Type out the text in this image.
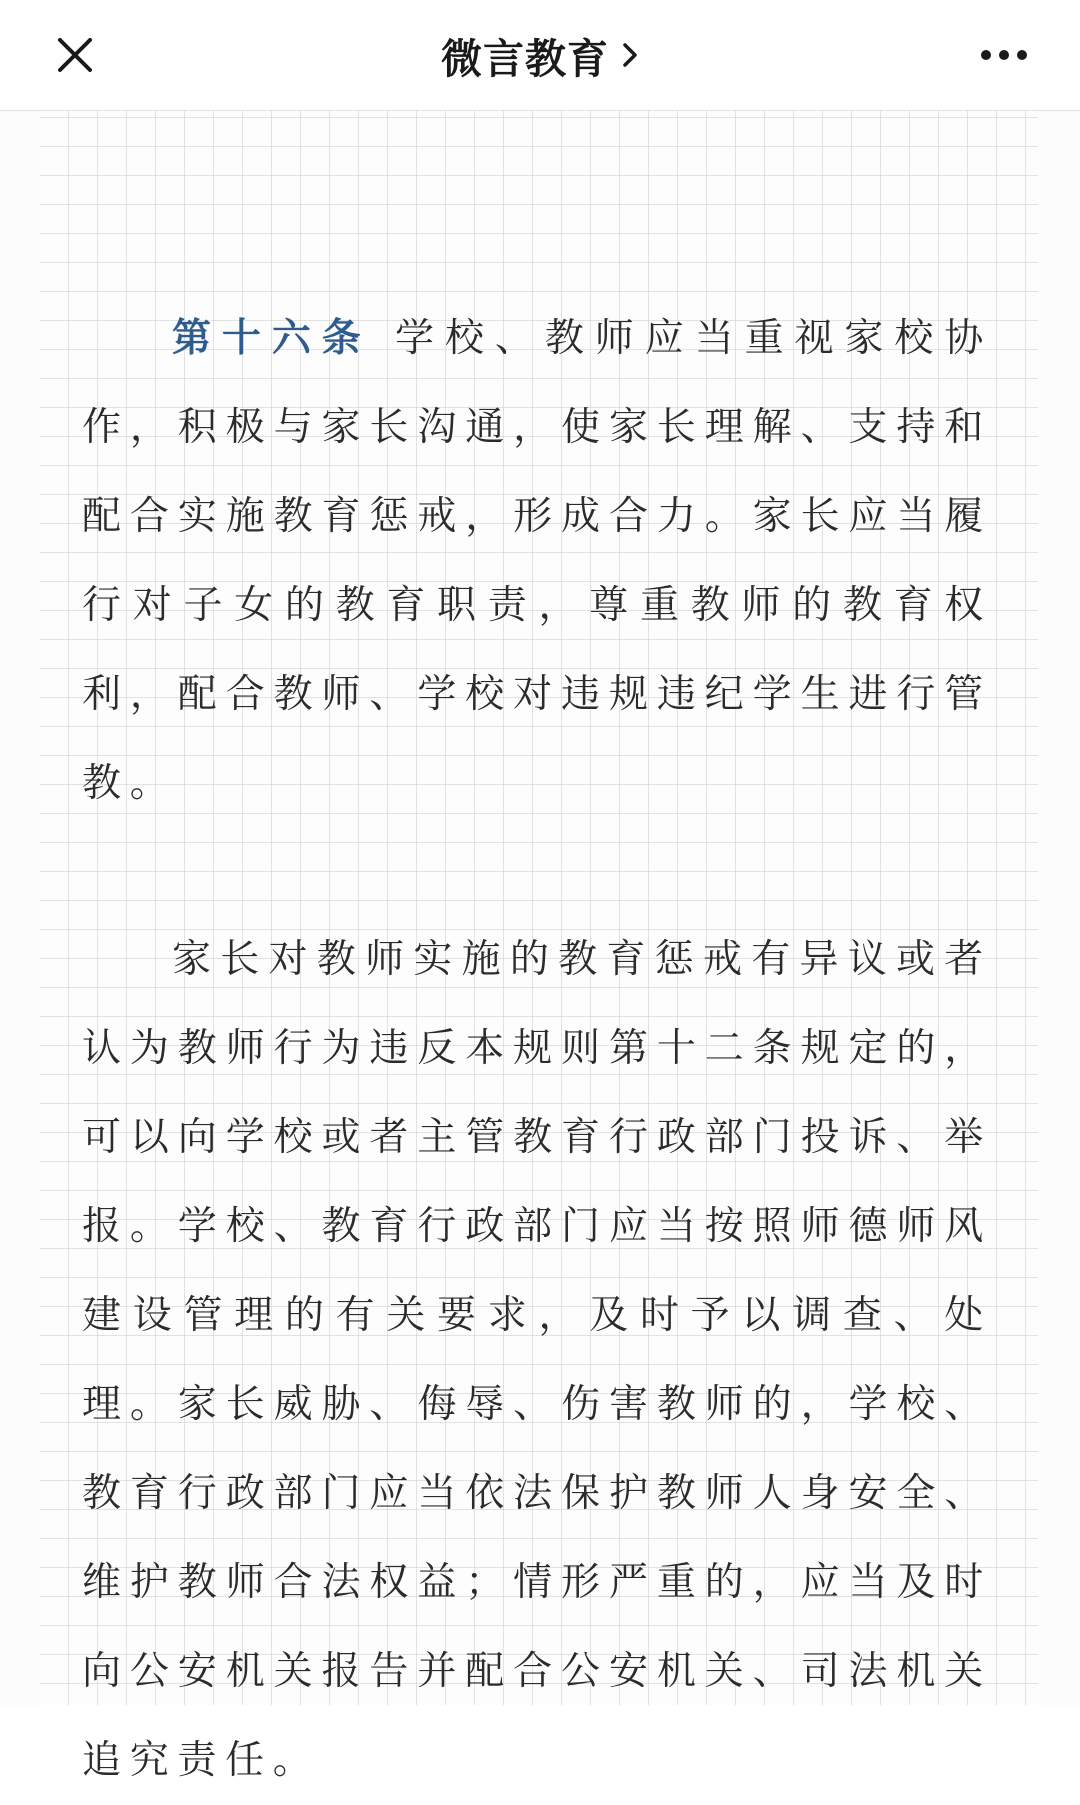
微言教育

第十六条 学校、教师应当重视家校协作，积极与家长沟通，使家长理解、支持和配合实施教育惩戒，形成合力。家长应当履行对子女的教育职责，尊重教师的教育权利，配合教师、学校对违规违纪学生进行管教。

家长对教师实施的教育惩戒有异议或者认为教师行为违反本规则第十二条规定的，可以向学校或者主管教育行政部门投诉、举报。学校、教育行政部门应当按照师德师风建设管理的有关要求，及时予以调查、处理。家长威胁、侮辱、伤害教师的，学校、教育行政部门应当依法保护教师人身安全、维护教师合法权益；情形严重的，应当及时向公安机关报告并配合公安机关、司法机关追究责任。
